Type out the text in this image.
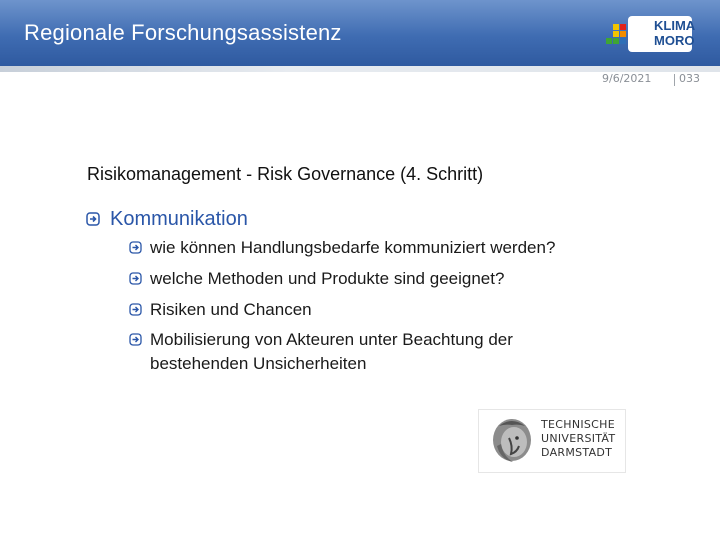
Regionale Forschungsassistenz	KLIMA
MORO
9/6/2021	033
Risikomanagement - Risk Governance (4. Schritt)
Kommunikation
wie können Handlungsbedarfe kommuniziert werden?
welche Methoden und Produkte sind geeignet?
Risiken und Chancen
Mobilisierung von Akteuren unter Beachtung der
bestehenden Unsicherheiten
TECHNISCHE
UNIVERSITÄT
DARMSTADT
